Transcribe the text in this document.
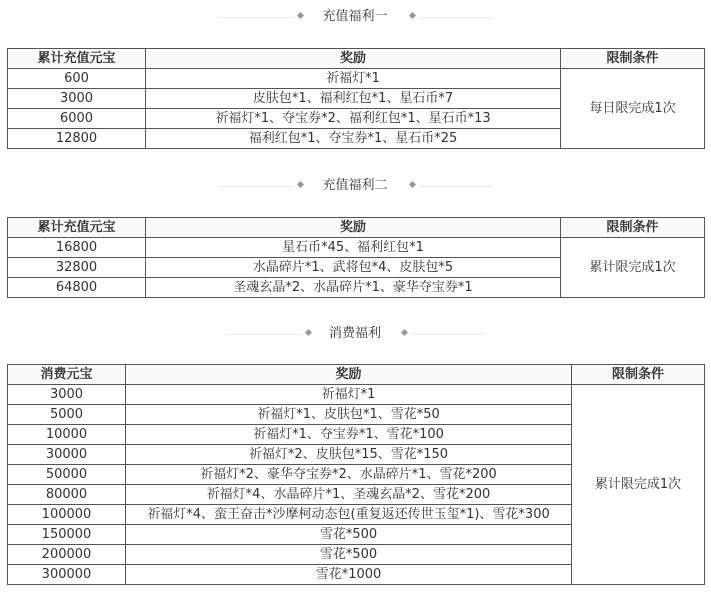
充值福利一
累计充值元宝	奖励	限制条件
600	祈福灯*1	每日限完成1次
3000	皮肤包*1、福利红包*1、星石币*7	
6000	祈福灯*1、夺宝券*2、福利红包*1、星石币*13	
12800	福利红包*1、夺宝券*1、星石币*25	
充值福利二
累计充值元宝	奖励	限制条件
16800	星石币*45、福利红包*1	累计限完成1次
32800	水晶碎片*1、武将包*4、皮肤包*5	
64800	圣魂玄晶*2、水晶碎片*1、豪华夺宝券*1	
消费福利
消费元宝	奖励	限制条件
3000	祈福灯*1	累计限完成1次
5000	祈福灯*1、皮肤包*1、雪花*50	
10000	祈福灯*1、夺宝券*1、雪花*100	
30000	祈福灯*2、皮肤包*15、雪花*150	
50000	祈福灯*2、豪华夺宝券*2、水晶碎片*1、雪花*200	
80000	祈福灯*4、水晶碎片*1、圣魂玄晶*2、雪花*200	
100000	祈福灯*4、蛮王奋击*沙摩柯动态包(重复返还传世玉玺*1)、雪花*300	
150000	雪花*500	
200000	雪花*500	
300000	雪花*1000	
